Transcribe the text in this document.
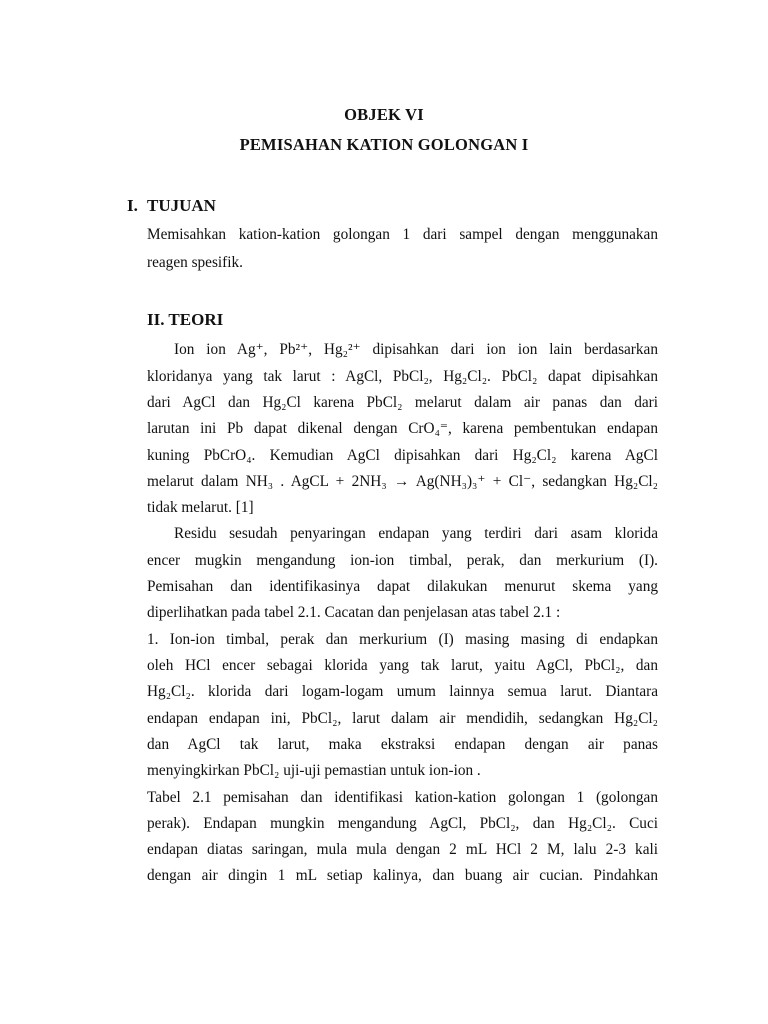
OBJEK VI
PEMISAHAN KATION GOLONGAN I
I. TUJUAN
Memisahkan kation-kation golongan 1 dari sampel dengan menggunakan
reagen spesifik.
II. TEORI
Ion ion Ag⁺, Pb²⁺, Hg₂²⁺ dipisahkan dari ion ion lain berdasarkan
kloridanya yang tak larut : AgCl, PbCl₂, Hg₂Cl₂. PbCl₂ dapat dipisahkan
dari AgCl dan Hg₂Cl karena PbCl₂ melarut dalam air panas dan dari
larutan ini Pb dapat dikenal dengan CrO₄⁼, karena pembentukan endapan
kuning PbCrO₄. Kemudian AgCl dipisahkan dari Hg₂Cl₂ karena AgCl
melarut dalam NH₃ . AgCL + 2NH₃ → Ag(NH₃)₃⁺ + Cl⁻, sedangkan Hg₂Cl₂
tidak melarut. [1]
Residu sesudah penyaringan endapan yang terdiri dari asam klorida
encer mugkin mengandung ion-ion timbal, perak, dan merkurium (I).
Pemisahan dan identifikasinya dapat dilakukan menurut skema yang
diperlihatkan pada tabel 2.1. Cacatan dan penjelasan atas tabel 2.1 :
1. Ion-ion timbal, perak dan merkurium (I) masing masing di endapkan
oleh HCl encer sebagai klorida yang tak larut, yaitu AgCl, PbCl₂, dan
Hg₂Cl₂. klorida dari logam-logam umum lainnya semua larut. Diantara
endapan endapan ini, PbCl₂, larut dalam air mendidih, sedangkan Hg₂Cl₂
dan AgCl tak larut, maka ekstraksi endapan dengan air panas
menyingkirkan PbCl₂ uji-uji pemastian untuk ion-ion .
Tabel 2.1 pemisahan dan identifikasi kation-kation golongan 1 (golongan
perak). Endapan mungkin mengandung AgCl, PbCl₂, dan Hg₂Cl₂. Cuci
endapan diatas saringan, mula mula dengan 2 mL HCl 2 M, lalu 2-3 kali
dengan air dingin 1 mL setiap kalinya, dan buang air cucian. Pindahkan
